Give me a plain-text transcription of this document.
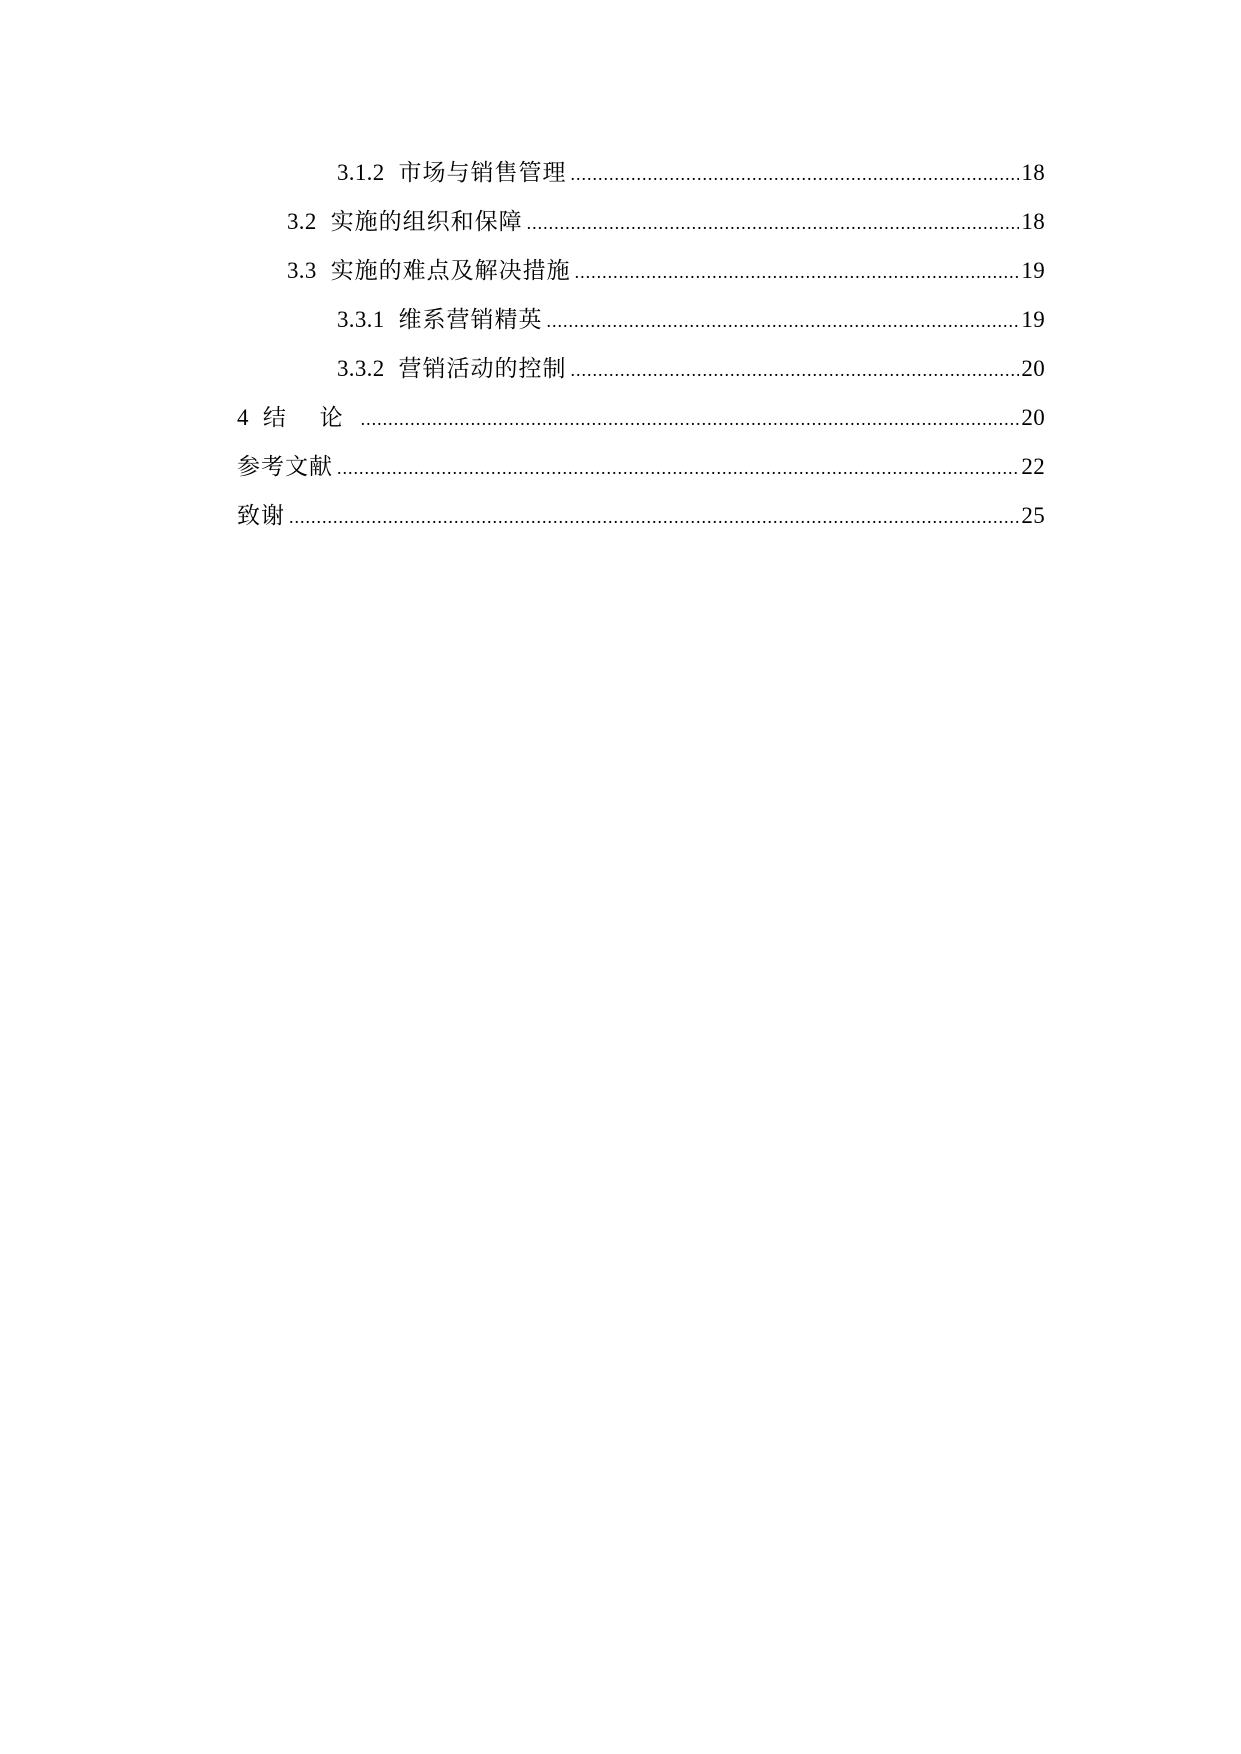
3.1.2 市场与销售管理 .....	18
3.2 实施的组织和保障 .....	18
3.3 实施的难点及解决措施 .....	19
3.3.1 维系营销精英 .....	19
3.3.2 营销活动的控制 .....	20
4 结 论 .....	20
参考文献 .....	22
致谢 .....	25
